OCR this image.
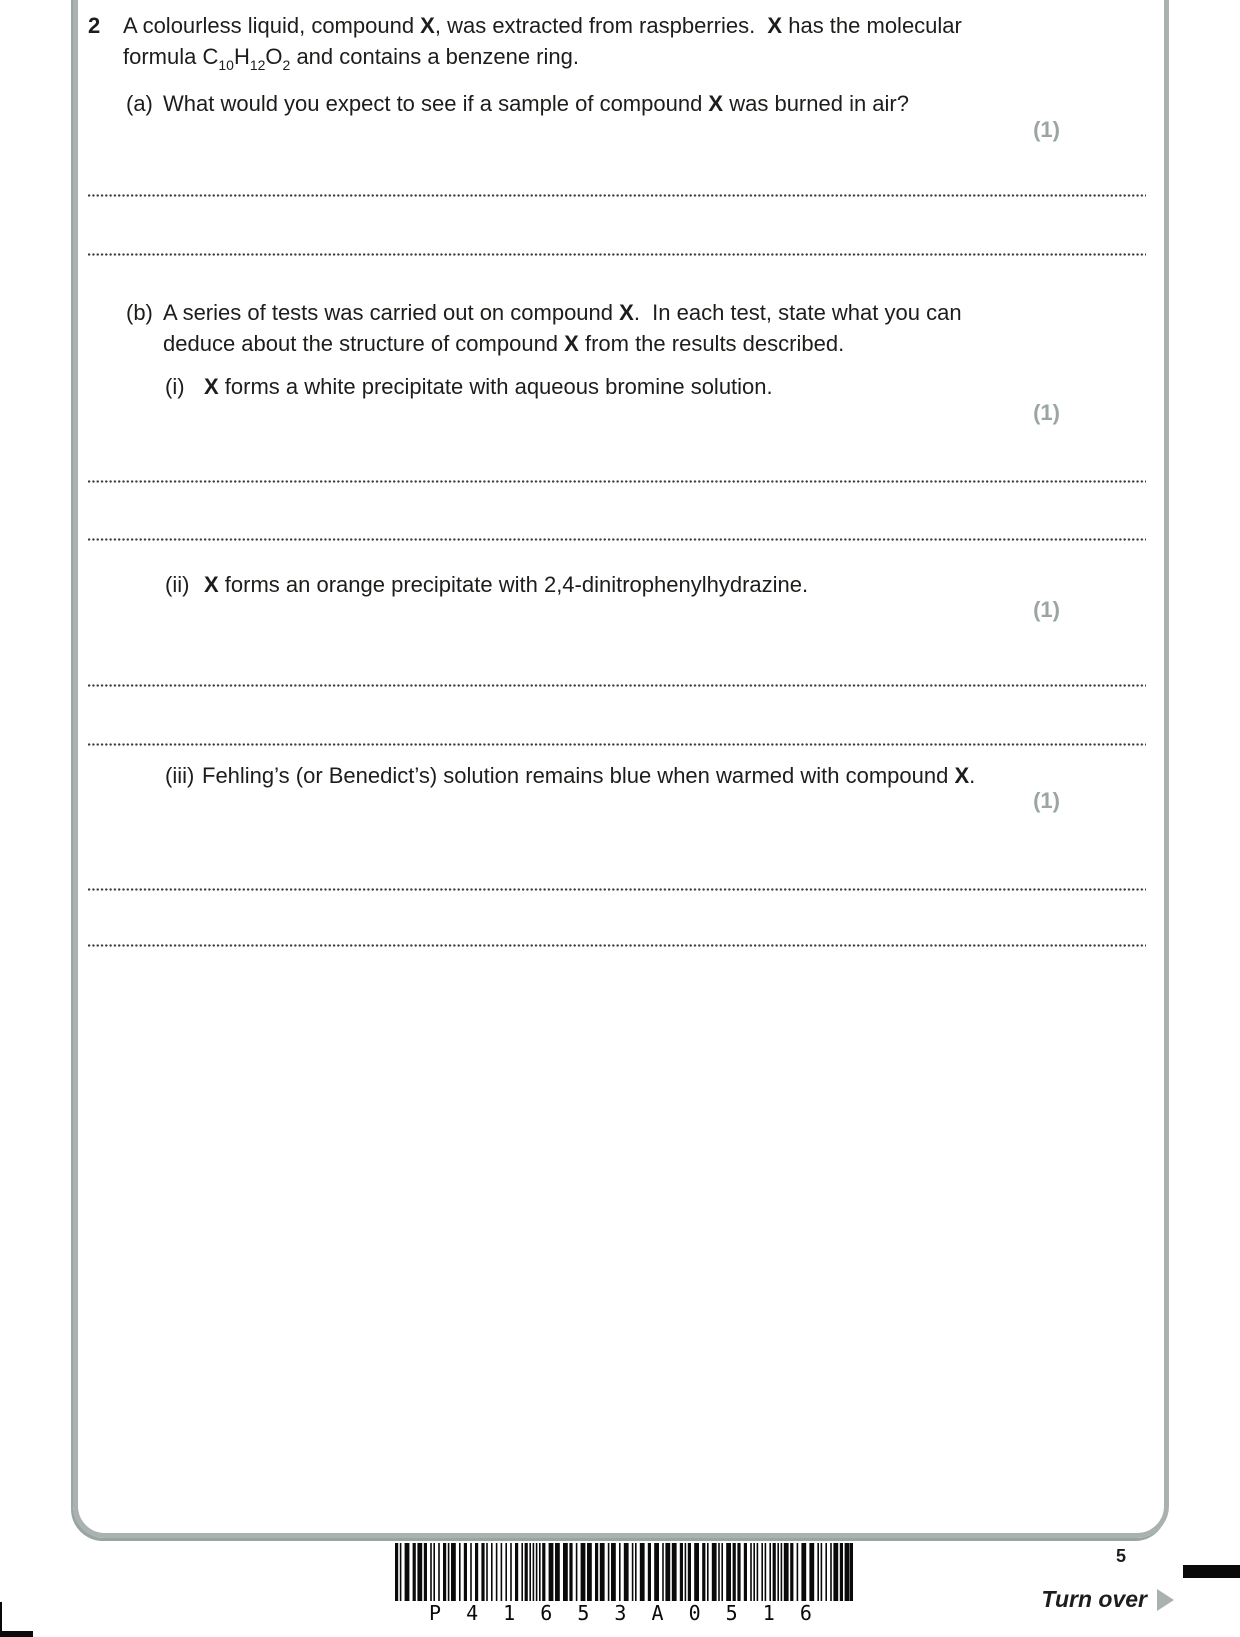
2 A colourless liquid, compound X, was extracted from raspberries.  X has the molecular
formula $C_{10}H_{12}O_2$ and contains a benzene ring.
(a) What would you expect to see if a sample of compound X was burned in air?
(1)
(b) A series of tests was carried out on compound X.  In each test, state what you can
deduce about the structure of compound X from the results described.
(i) X forms a white precipitate with aqueous bromine solution.
(1)
(ii) X forms an orange precipitate with 2,4-dinitrophenylhydrazine.
(1)
(iii) Fehling’s (or Benedict’s) solution remains blue when warmed with compound X.
(1)
5
Turn over
P 4 1 6 5 3 A 0 5 1 6
